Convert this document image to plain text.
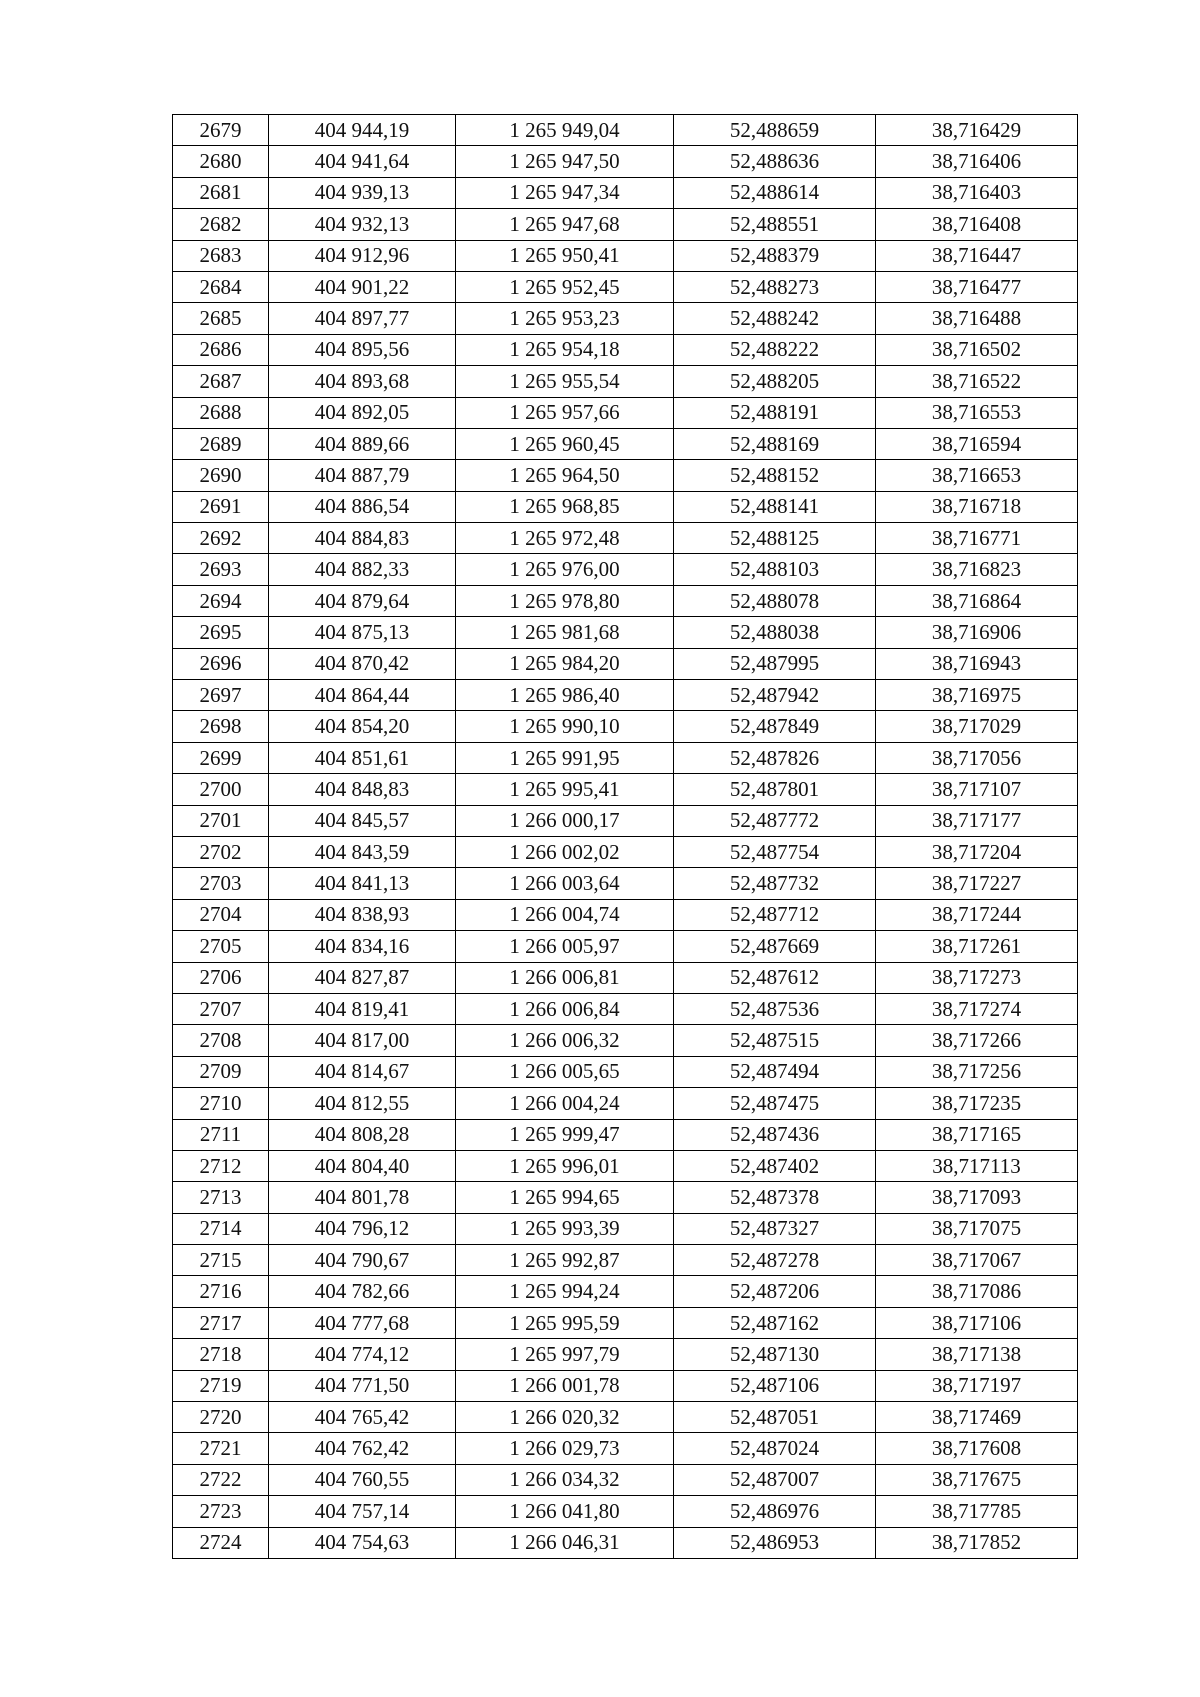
2679	404 944,19	1 265 949,04	52,488659	38,716429
2680	404 941,64	1 265 947,50	52,488636	38,716406
2681	404 939,13	1 265 947,34	52,488614	38,716403
2682	404 932,13	1 265 947,68	52,488551	38,716408
2683	404 912,96	1 265 950,41	52,488379	38,716447
2684	404 901,22	1 265 952,45	52,488273	38,716477
2685	404 897,77	1 265 953,23	52,488242	38,716488
2686	404 895,56	1 265 954,18	52,488222	38,716502
2687	404 893,68	1 265 955,54	52,488205	38,716522
2688	404 892,05	1 265 957,66	52,488191	38,716553
2689	404 889,66	1 265 960,45	52,488169	38,716594
2690	404 887,79	1 265 964,50	52,488152	38,716653
2691	404 886,54	1 265 968,85	52,488141	38,716718
2692	404 884,83	1 265 972,48	52,488125	38,716771
2693	404 882,33	1 265 976,00	52,488103	38,716823
2694	404 879,64	1 265 978,80	52,488078	38,716864
2695	404 875,13	1 265 981,68	52,488038	38,716906
2696	404 870,42	1 265 984,20	52,487995	38,716943
2697	404 864,44	1 265 986,40	52,487942	38,716975
2698	404 854,20	1 265 990,10	52,487849	38,717029
2699	404 851,61	1 265 991,95	52,487826	38,717056
2700	404 848,83	1 265 995,41	52,487801	38,717107
2701	404 845,57	1 266 000,17	52,487772	38,717177
2702	404 843,59	1 266 002,02	52,487754	38,717204
2703	404 841,13	1 266 003,64	52,487732	38,717227
2704	404 838,93	1 266 004,74	52,487712	38,717244
2705	404 834,16	1 266 005,97	52,487669	38,717261
2706	404 827,87	1 266 006,81	52,487612	38,717273
2707	404 819,41	1 266 006,84	52,487536	38,717274
2708	404 817,00	1 266 006,32	52,487515	38,717266
2709	404 814,67	1 266 005,65	52,487494	38,717256
2710	404 812,55	1 266 004,24	52,487475	38,717235
2711	404 808,28	1 265 999,47	52,487436	38,717165
2712	404 804,40	1 265 996,01	52,487402	38,717113
2713	404 801,78	1 265 994,65	52,487378	38,717093
2714	404 796,12	1 265 993,39	52,487327	38,717075
2715	404 790,67	1 265 992,87	52,487278	38,717067
2716	404 782,66	1 265 994,24	52,487206	38,717086
2717	404 777,68	1 265 995,59	52,487162	38,717106
2718	404 774,12	1 265 997,79	52,487130	38,717138
2719	404 771,50	1 266 001,78	52,487106	38,717197
2720	404 765,42	1 266 020,32	52,487051	38,717469
2721	404 762,42	1 266 029,73	52,487024	38,717608
2722	404 760,55	1 266 034,32	52,487007	38,717675
2723	404 757,14	1 266 041,80	52,486976	38,717785
2724	404 754,63	1 266 046,31	52,486953	38,717852
